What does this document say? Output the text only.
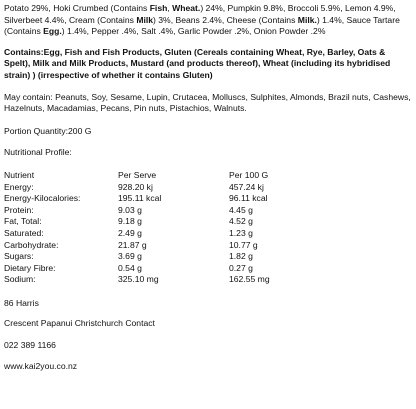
Potato 29%, Hoki Crumbed (Contains Fish, Wheat.) 24%, Pumpkin 9.8%, Broccoli 5.9%, Lemon 4.9%, Silverbeet 4.4%, Cream (Contains Milk) 3%, Beans 2.4%, Cheese (Contains Milk.) 1.4%, Sauce Tartare (Contains Egg.) 1.4%, Pepper .4%, Salt .4%, Garlic Powder .2%, Onion Powder .2%

Contains:Egg, Fish and Fish Products, Gluten (Cereals containing Wheat, Rye, Barley, Oats & Spelt), Milk and Milk Products, Mustard (and products thereof), Wheat (including its hybridised strain) ) (irrespective of whether it contains Gluten)

May contain: Peanuts, Soy, Sesame, Lupin, Crutacea, Molluscs, Sulphites, Almonds, Brazil nuts, Cashews, Hazelnuts, Macadamias, Pecans, Pin nuts, Pistachios, Walnuts.

Portion Quantity:200 G

Nutritional Profile:

Nutrient	Per Serve	Per 100 G
Energy:	928.20 kj	457.24 kj
Energy-Kilocalories:	195.11 kcal	96.11 kcal
Protein:	9.03 g	4.45 g
Fat, Total:	9.18 g	4.52 g
Saturated:	2.49 g	1.23 g
Carbohydrate:	21.87 g	10.77 g
Sugars:	3.69 g	1.82 g
Dietary Fibre:	0.54 g	0.27 g
Sodium:	325.10 mg	162.55 mg

86 Harris

Crescent Papanui Christchurch Contact

022 389 1166

www.kai2you.co.nz
